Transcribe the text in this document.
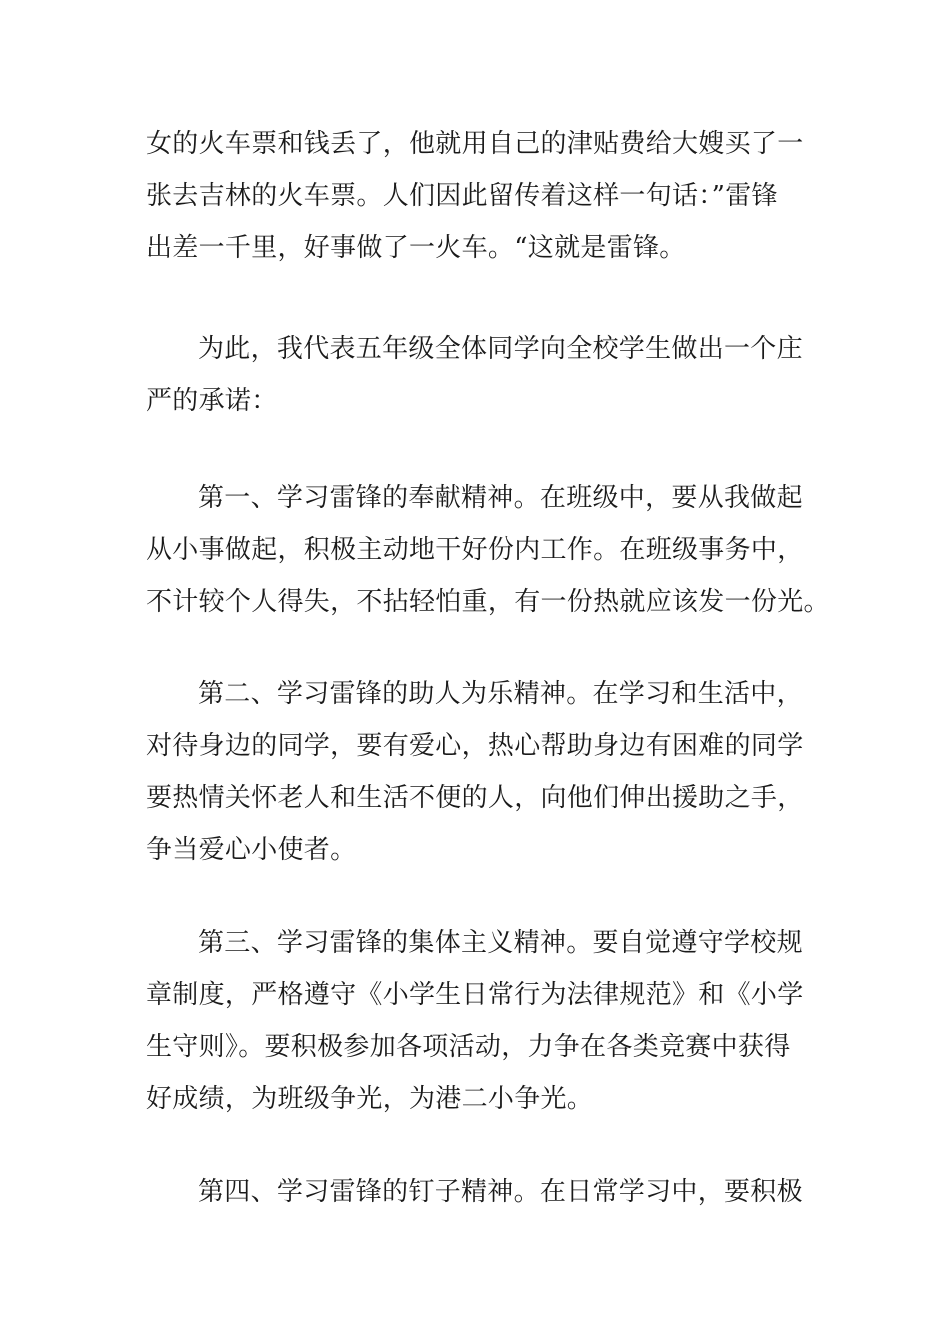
女的火车票和钱丢了，他就用自己的津贴费给大嫂买了一
张去吉林的火车票。人们因此留传着这样一句话：”雷锋
出差一千里，好事做了一火车。“这就是雷锋。
为此，我代表五年级全体同学向全校学生做出一个庄
严的承诺：
第一、学习雷锋的奉献精神。在班级中，要从我做起
从小事做起，积极主动地干好份内工作。在班级事务中，
不计较个人得失，不拈轻怕重，有一份热就应该发一份光。
第二、学习雷锋的助人为乐精神。在学习和生活中，
对待身边的同学，要有爱心，热心帮助身边有困难的同学
要热情关怀老人和生活不便的人，向他们伸出援助之手，
争当爱心小使者。
第三、学习雷锋的集体主义精神。要自觉遵守学校规
章制度，严格遵守《小学生日常行为法律规范》和《小学
生守则》。要积极参加各项活动，力争在各类竞赛中获得
好成绩，为班级争光，为港二小争光。
第四、学习雷锋的钉子精神。在日常学习中，要积极
